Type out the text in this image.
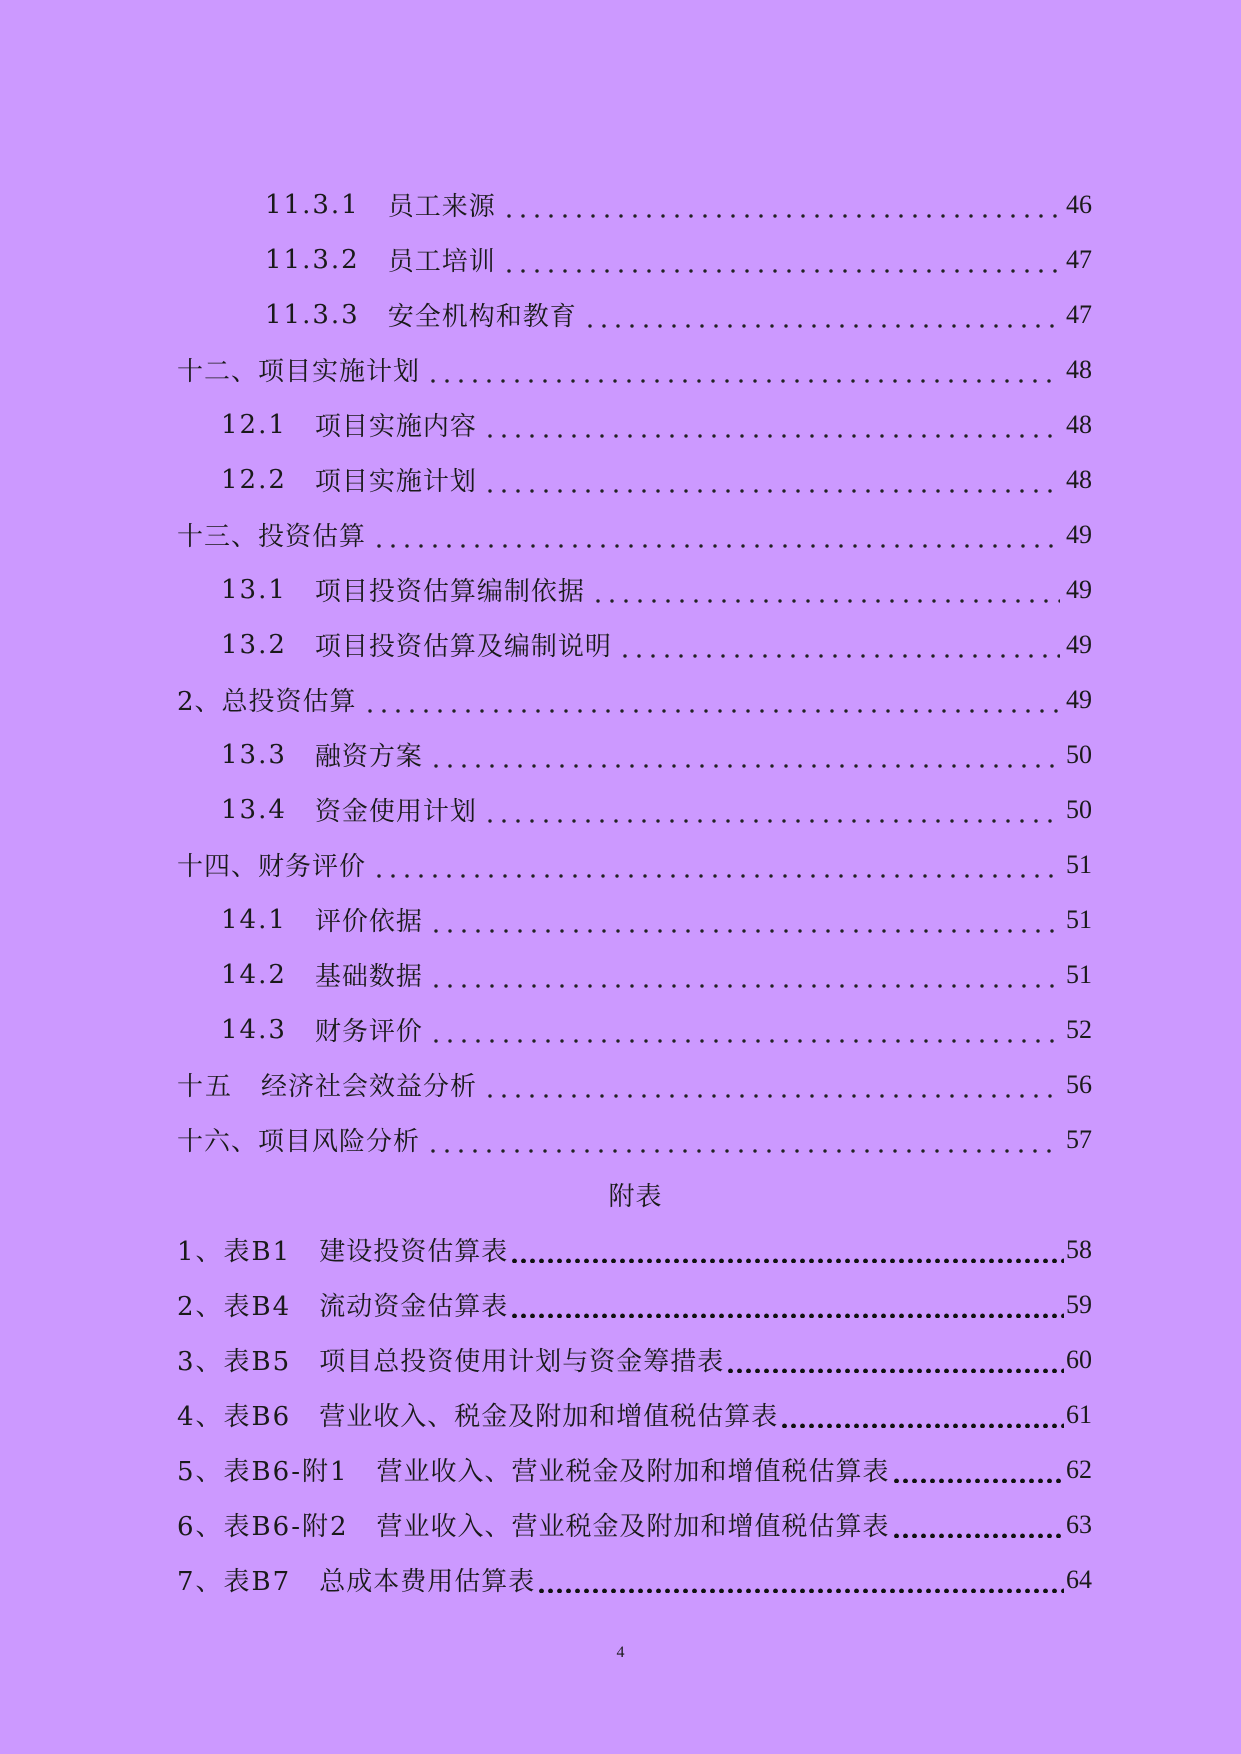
11.3.1 员工来源	46
11.3.2 员工培训	47
11.3.3 安全机构和教育	47
十二、项目实施计划	48
12.1 项目实施内容	48
12.2 项目实施计划	48
十三、投资估算	49
13.1 项目投资估算编制依据	49
13.2 项目投资估算及编制说明	49
2、总投资估算	49
13.3 融资方案	50
13.4 资金使用计划	50
十四、财务评价	51
14.1 评价依据	51
14.2 基础数据	51
14.3 财务评价	52
十五 经济社会效益分析	56
十六、项目风险分析	57
附表
1、表B1 建设投资估算表	58
2、表B4 流动资金估算表	59
3、表B5 项目总投资使用计划与资金筹措表	60
4、表B6 营业收入、税金及附加和增值税估算表	61
5、表B6-附1 营业收入、营业税金及附加和增值税估算表	62
6、表B6-附2 营业收入、营业税金及附加和增值税估算表	63
7、表B7 总成本费用估算表	64
4
